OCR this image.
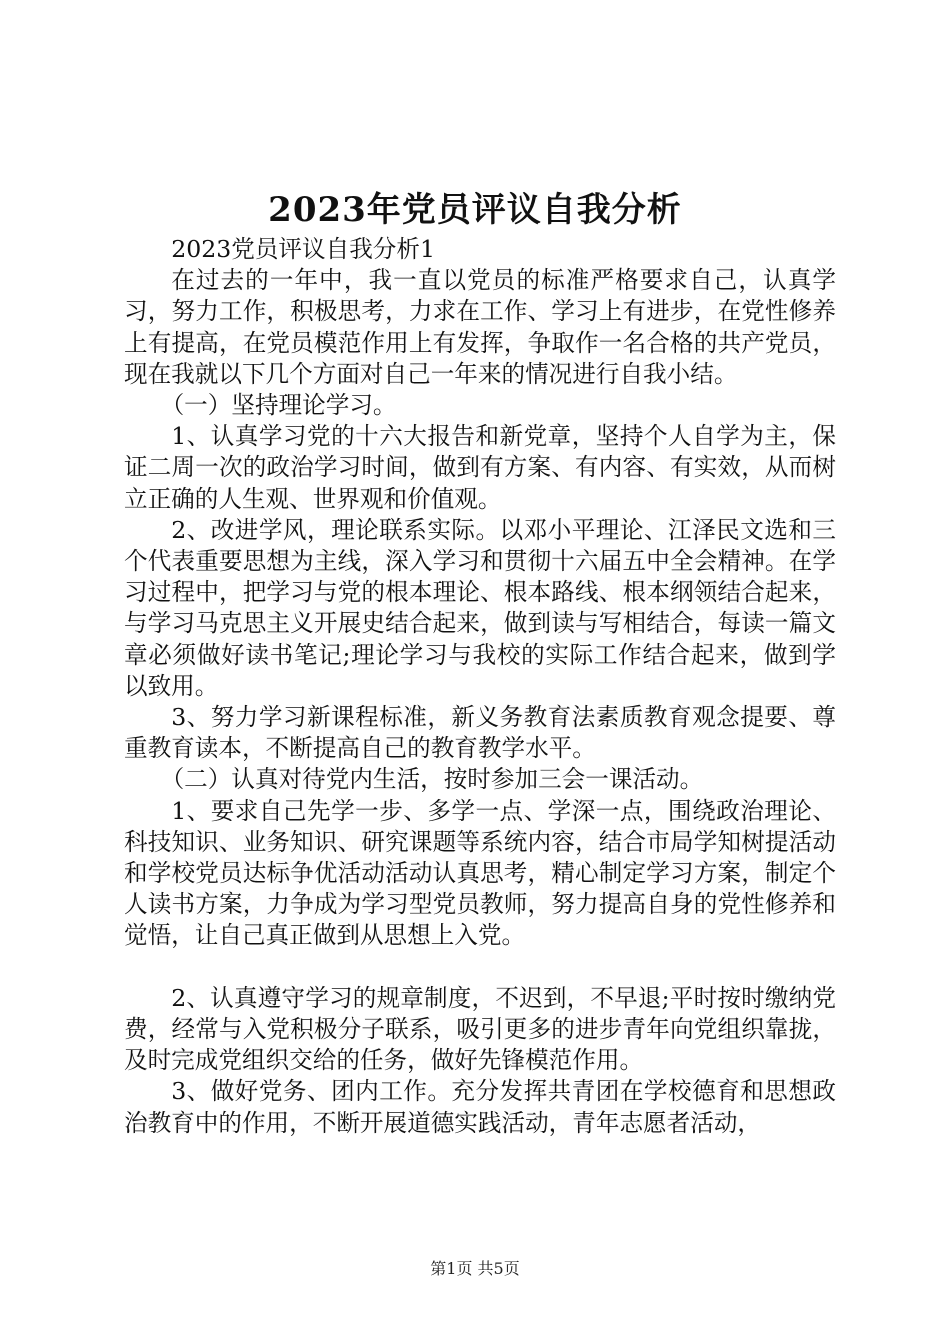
2023年党员评议自我分析

2023党员评议自我分析1

在过去的一年中，我一直以党员的标准严格要求自己，认真学习，努力工作，积极思考，力求在工作、学习上有进步，在党性修养上有提高，在党员模范作用上有发挥，争取作一名合格的共产党员，现在我就以下几个方面对自己一年来的情况进行自我小结。

（一）坚持理论学习。

1、认真学习党的十六大报告和新党章，坚持个人自学为主，保证二周一次的政治学习时间，做到有方案、有内容、有实效，从而树立正确的人生观、世界观和价值观。

2、改进学风，理论联系实际。以邓小平理论、江泽民文选和三个代表重要思想为主线，深入学习和贯彻十六届五中全会精神。在学习过程中，把学习与党的根本理论、根本路线、根本纲领结合起来，与学习马克思主义开展史结合起来，做到读与写相结合，每读一篇文章必须做好读书笔记;理论学习与我校的实际工作结合起来，做到学以致用。

3、努力学习新课程标准，新义务教育法素质教育观念提要、尊重教育读本，不断提高自己的教育教学水平。

（二）认真对待党内生活，按时参加三会一课活动。

1、要求自己先学一步、多学一点、学深一点，围绕政治理论、科技知识、业务知识、研究课题等系统内容，结合市局学知树提活动和学校党员达标争优活动活动认真思考，精心制定学习方案，制定个人读书方案，力争成为学习型党员教师，努力提高自身的党性修养和觉悟，让自己真正做到从思想上入党。

2、认真遵守学习的规章制度，不迟到，不早退;平时按时缴纳党费，经常与入党积极分子联系，吸引更多的进步青年向党组织靠拢，及时完成党组织交给的任务，做好先锋模范作用。

3、做好党务、团内工作。充分发挥共青团在学校德育和思想政治教育中的作用，不断开展道德实践活动，青年志愿者活动，

第1页 共5页
